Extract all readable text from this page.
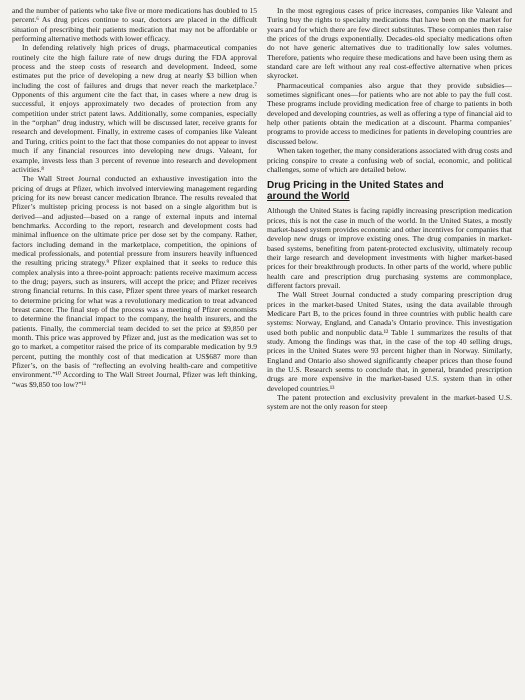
and the number of patients who take five or more medications has doubled to 15 percent.⁶ As drug prices continue to soar, doctors are placed in the difficult situation of prescribing their patients medication that may not be affordable or performing alternative methods with lower efficacy.

In defending relatively high prices of drugs, pharmaceutical companies routinely cite the high failure rate of new drugs during the FDA approval process and the steep costs of research and development. Indeed, some estimates put the price of developing a new drug at nearly $3 billion when including the cost of failures and drugs that never reach the marketplace.⁷ Opponents of this argument cite the fact that, in cases where a new drug is successful, it enjoys approximately two decades of protection from any competition under strict patent laws. Additionally, some companies, especially in the “orphan” drug industry, which will be discussed later, receive grants for research and development. Finally, in extreme cases of companies like Valeant and Turing, critics point to the fact that those companies do not appear to invest much if any financial resources into developing new drugs. Valeant, for example, invests less than 3 percent of revenue into research and development activities.⁸

The Wall Street Journal conducted an exhaustive investigation into the pricing of drugs at Pfizer, which involved interviewing management regarding pricing for its new breast cancer medication Ibrance. The results revealed that Pfizer’s multistep pricing process is not based on a single algorithm but is derived—and adjusted—based on a range of external inputs and internal benchmarks. According to the report, research and development costs had minimal influence on the ultimate price per dose set by the company. Rather, factors including demand in the marketplace, competition, the opinions of medical professionals, and potential pressure from insurers heavily influenced the resulting pricing strategy.⁹ Pfizer explained that it seeks to reduce this complex analysis into a three-point approach: patients receive maximum access to the drug; payers, such as insurers, will accept the price; and Pfizer receives strong financial returns. In this case, Pfizer spent three years of market research to determine pricing for what was a revolutionary medication to treat advanced breast cancer. The final step of the process was a meeting of Pfizer economists to determine the financial impact to the company, the health insurers, and the patients. Finally, the commercial team decided to set the price at $9,850 per month. This price was approved by Pfizer and, just as the medication was set to go to market, a competitor raised the price of its comparable medication by 9.9 percent, putting the monthly cost of that medication at US$687 more than Pfizer’s, on the basis of “reflecting an evolving health-care and competitive environment.”¹⁰ According to The Wall Street Journal, Pfizer was left thinking, “was $9,850 too low?”¹¹

In the most egregious cases of price increases, companies like Valeant and Turing buy the rights to specialty medications that have been on the market for years and for which there are few direct substitutes. These companies then raise the prices of the drugs exponentially. Decades-old specialty medications often do not have generic alternatives due to traditionally low sales volumes. Therefore, patients who require these medications and have been using them as standard care are left without any real cost-effective alternative when prices skyrocket.

Pharmaceutical companies also argue that they provide subsidies—sometimes significant ones—for patients who are not able to pay the full cost. These programs include providing medication free of charge to patients in both developed and developing countries, as well as offering a type of financial aid to help other patients obtain the medication at a discount. Pharma companies’ programs to provide access to medicines for patients in developing countries are discussed below.

When taken together, the many considerations associated with drug costs and pricing conspire to create a confusing web of social, economic, and political challenges, some of which are detailed below.

Drug Pricing in the United States and
around the World

Although the United States is facing rapidly increasing prescription medication prices, this is not the case in much of the world. In the United States, a mostly market-based system provides economic and other incentives for companies that develop new drugs or improve existing ones. The drug companies in market-based systems, benefiting from patent-protected exclusivity, ultimately recoup their large research and development investments with higher market-based prices for their breakthrough products. In other parts of the world, where public health care and prescription drug purchasing systems are commonplace, different factors prevail.

The Wall Street Journal conducted a study comparing prescription drug prices in the market-based United States, using the data available through Medicare Part B, to the prices found in three countries with public health care systems: Norway, England, and Canada’s Ontario province. This investigation used both public and nonpublic data.¹² Table 1 summarizes the results of that study. Among the findings was that, in the case of the top 40 selling drugs, prices in the United States were 93 percent higher than in Norway. Similarly, England and Ontario also showed significantly cheaper prices than those found in the U.S. Research seems to conclude that, in general, branded prescription drugs are more expensive in the market-based U.S. system than in other developed countries.¹³

The patent protection and exclusivity prevalent in the market-based U.S. system are not the only reason for steep
